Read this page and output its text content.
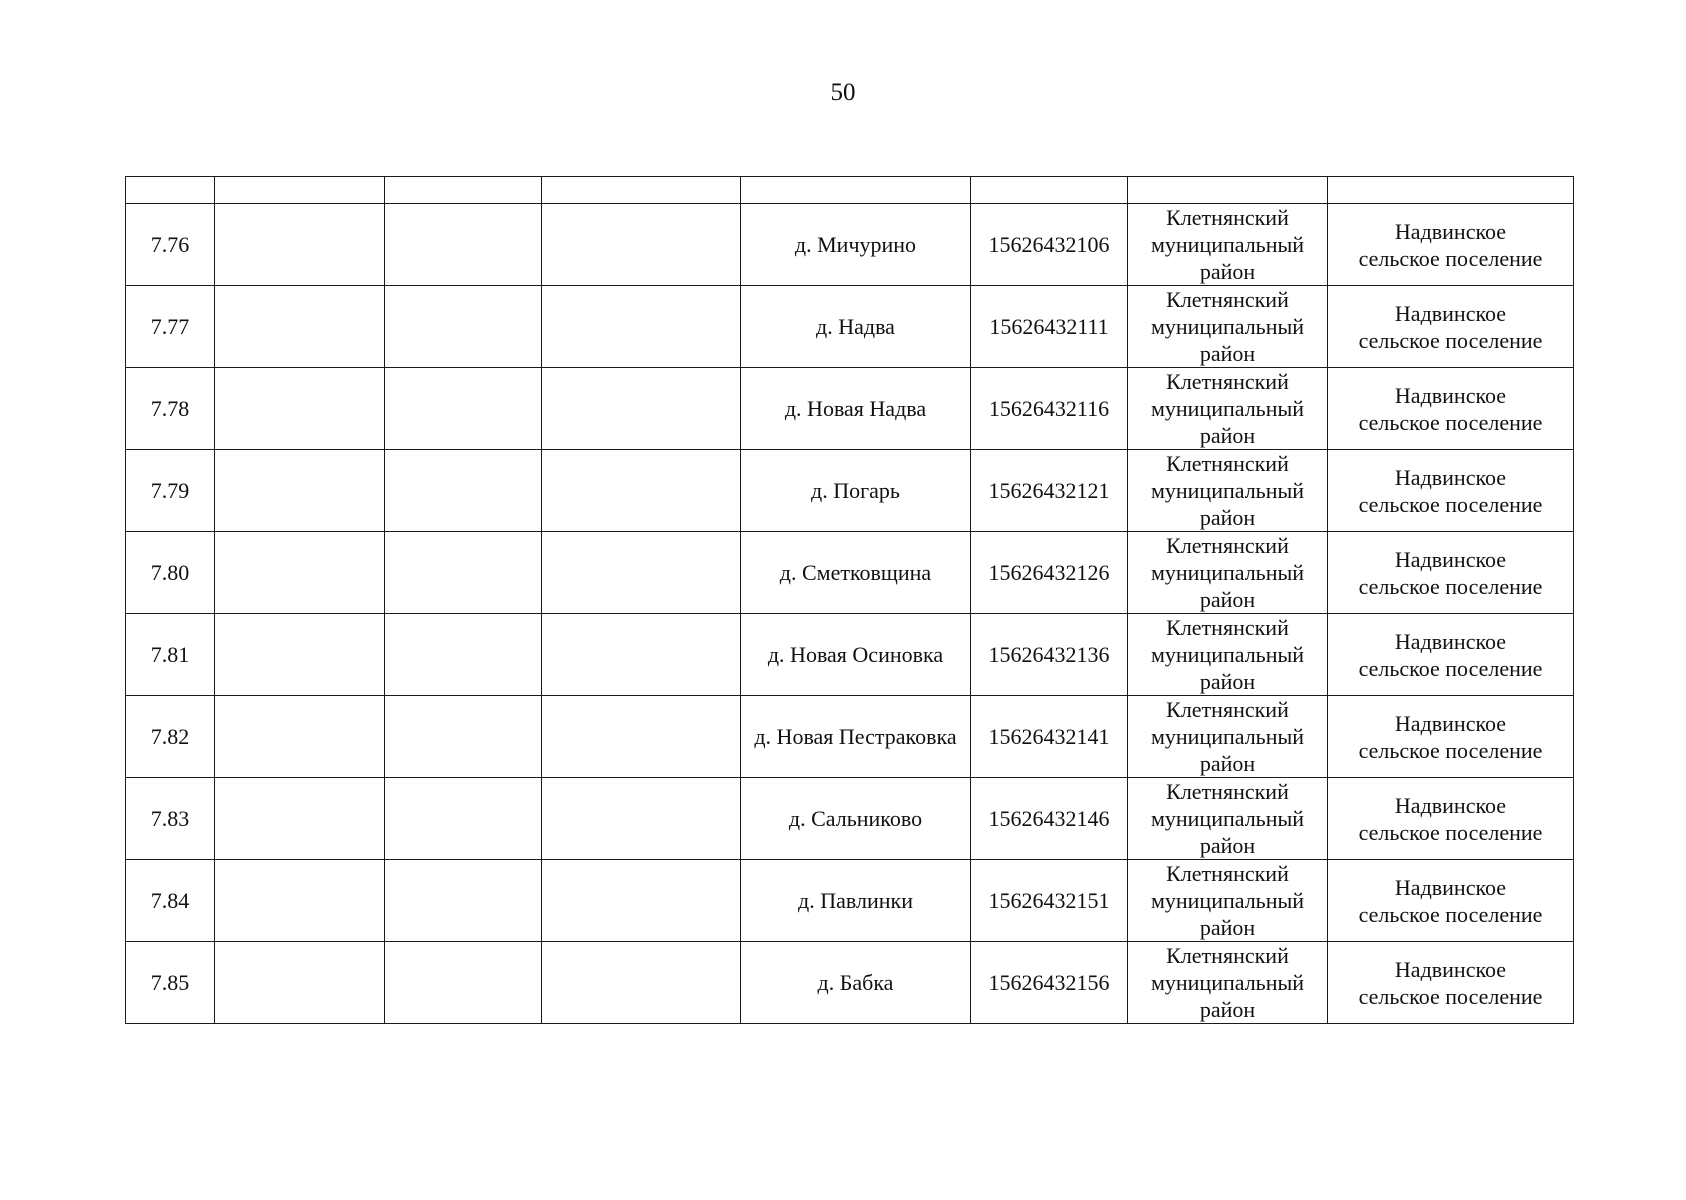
50

7.76				д. Мичурино	15626432106	Клетнянский
муниципальный
район	Надвинское
сельское поселение

7.77				д. Надва	15626432111	Клетнянский
муниципальный
район	Надвинское
сельское поселение

7.78				д. Новая Надва	15626432116	Клетнянский
муниципальный
район	Надвинское
сельское поселение

7.79				д. Погарь	15626432121	Клетнянский
муниципальный
район	Надвинское
сельское поселение

7.80				д. Сметковщина	15626432126	Клетнянский
муниципальный
район	Надвинское
сельское поселение

7.81				д. Новая Осиновка	15626432136	Клетнянский
муниципальный
район	Надвинское
сельское поселение

7.82				д. Новая Пестраковка	15626432141	Клетнянский
муниципальный
район	Надвинское
сельское поселение

7.83				д. Сальниково	15626432146	Клетнянский
муниципальный
район	Надвинское
сельское поселение

7.84				д. Павлинки	15626432151	Клетнянский
муниципальный
район	Надвинское
сельское поселение

7.85				д. Бабка	15626432156	Клетнянский
муниципальный
район	Надвинское
сельское поселение
